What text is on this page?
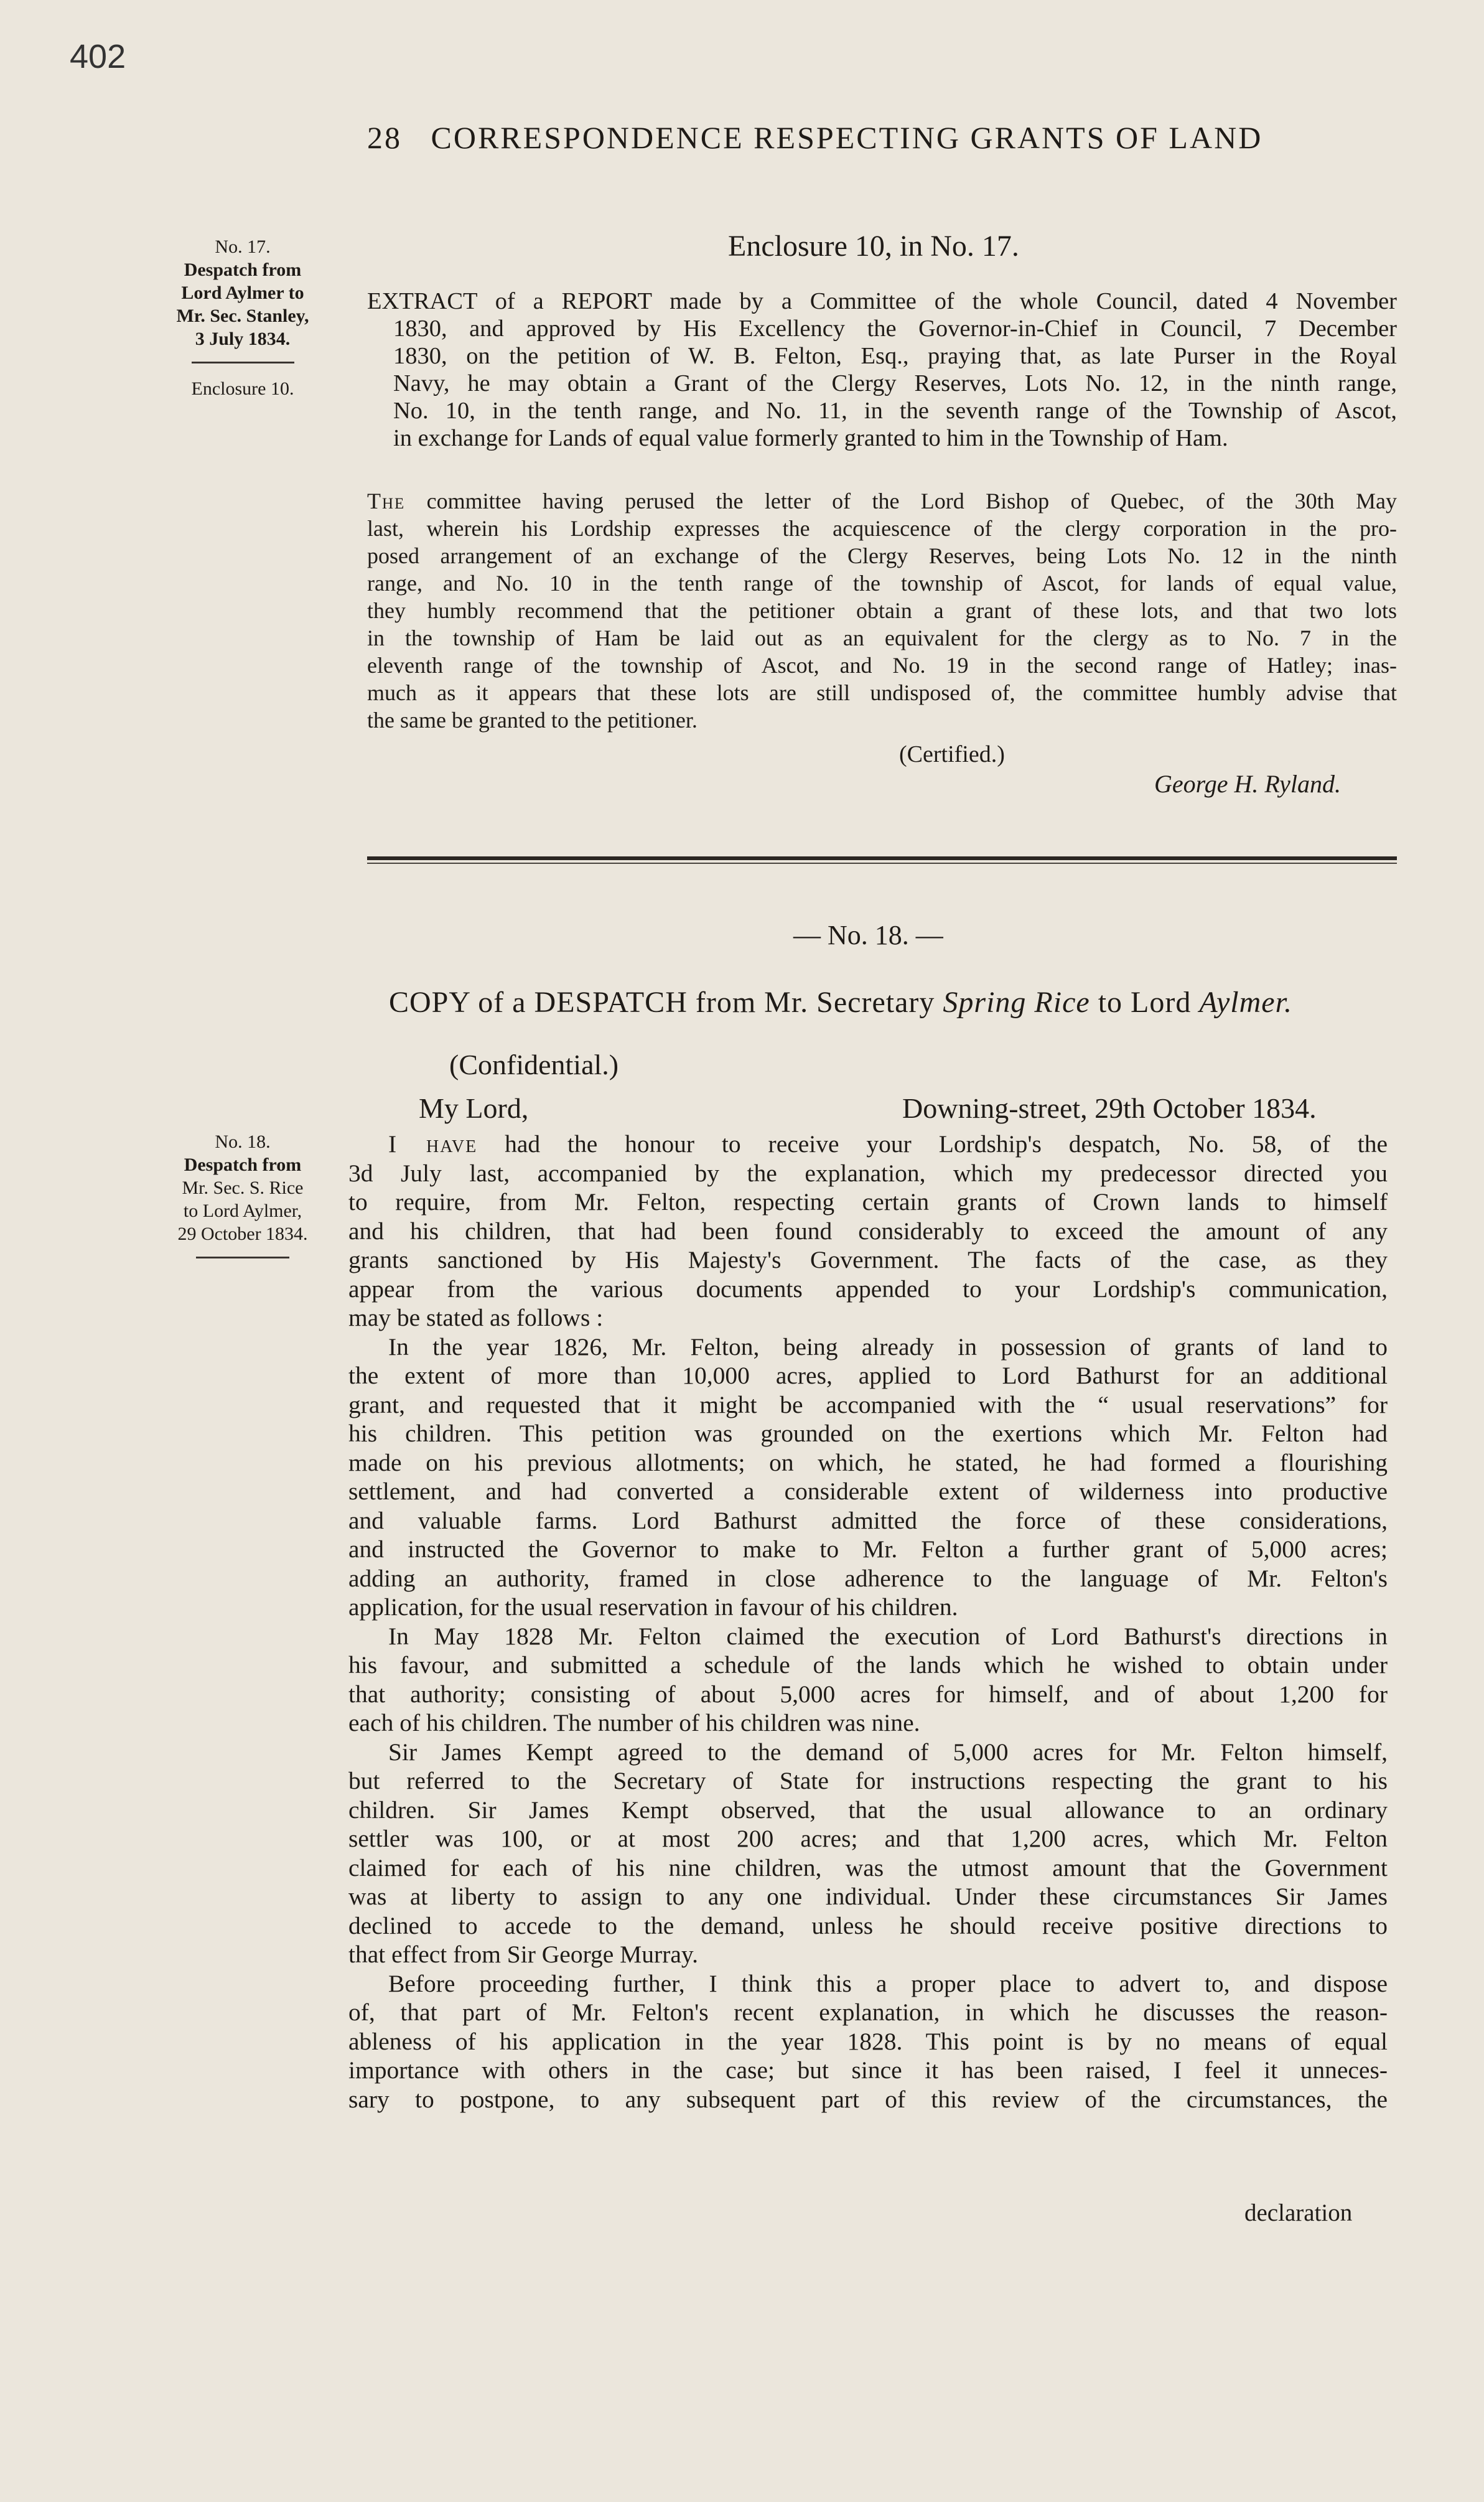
402
28 CORRESPONDENCE RESPECTING GRANTS OF LAND
No. 17.
Despatch from
Lord Aylmer to
Mr. Sec. Stanley,
3 July 1834.
Enclosure 10.
Enclosure 10, in No. 17.
EXTRACT of a REPORT made by a Committee of the whole Council, dated 4 November
1830, and approved by His Excellency the Governor-in-Chief in Council, 7 December
1830, on the petition of W. B. Felton, Esq., praying that, as late Purser in the Royal
Navy, he may obtain a Grant of the Clergy Reserves, Lots No. 12, in the ninth range,
No. 10, in the tenth range, and No. 11, in the seventh range of the Township of Ascot,
in exchange for Lands of equal value formerly granted to him in the Township of Ham.
The committee having perused the letter of the Lord Bishop of Quebec, of the 30th May
last, wherein his Lordship expresses the acquiescence of the clergy corporation in the pro-
posed arrangement of an exchange of the Clergy Reserves, being Lots No. 12 in the ninth
range, and No. 10 in the tenth range of the township of Ascot, for lands of equal value,
they humbly recommend that the petitioner obtain a grant of these lots, and that two lots
in the township of Ham be laid out as an equivalent for the clergy as to No. 7 in the
eleventh range of the township of Ascot, and No. 19 in the second range of Hatley; inas-
much as it appears that these lots are still undisposed of, the committee humbly advise that
the same be granted to the petitioner.
(Certified.)
George H. Ryland.
— No. 18. —
COPY of a DESPATCH from Mr. Secretary Spring Rice to Lord Aylmer.
(Confidential.)
My Lord,	Downing-street, 29th October 1834.
No. 18.
Despatch from
Mr. Sec. S. Rice
to Lord Aylmer,
29 October 1834.
I have had the honour to receive your Lordship's despatch, No. 58, of the
3d July last, accompanied by the explanation, which my predecessor directed you
to require, from Mr. Felton, respecting certain grants of Crown lands to himself
and his children, that had been found considerably to exceed the amount of any
grants sanctioned by His Majesty's Government. The facts of the case, as they
appear from the various documents appended to your Lordship's communication,
may be stated as follows :
In the year 1826, Mr. Felton, being already in possession of grants of land to
the extent of more than 10,000 acres, applied to Lord Bathurst for an additional
grant, and requested that it might be accompanied with the “ usual reservations” for
his children. This petition was grounded on the exertions which Mr. Felton had
made on his previous allotments; on which, he stated, he had formed a flourishing
settlement, and had converted a considerable extent of wilderness into productive
and valuable farms. Lord Bathurst admitted the force of these considerations,
and instructed the Governor to make to Mr. Felton a further grant of 5,000 acres;
adding an authority, framed in close adherence to the language of Mr. Felton's
application, for the usual reservation in favour of his children.
In May 1828 Mr. Felton claimed the execution of Lord Bathurst's directions in
his favour, and submitted a schedule of the lands which he wished to obtain under
that authority; consisting of about 5,000 acres for himself, and of about 1,200 for
each of his children. The number of his children was nine.
Sir James Kempt agreed to the demand of 5,000 acres for Mr. Felton himself,
but referred to the Secretary of State for instructions respecting the grant to his
children. Sir James Kempt observed, that the usual allowance to an ordinary
settler was 100, or at most 200 acres; and that 1,200 acres, which Mr. Felton
claimed for each of his nine children, was the utmost amount that the Government
was at liberty to assign to any one individual. Under these circumstances Sir James
declined to accede to the demand, unless he should receive positive directions to
that effect from Sir George Murray.
Before proceeding further, I think this a proper place to advert to, and dispose
of, that part of Mr. Felton's recent explanation, in which he discusses the reason-
ableness of his application in the year 1828. This point is by no means of equal
importance with others in the case; but since it has been raised, I feel it unneces-
sary to postpone, to any subsequent part of this review of the circumstances, the
declaration
